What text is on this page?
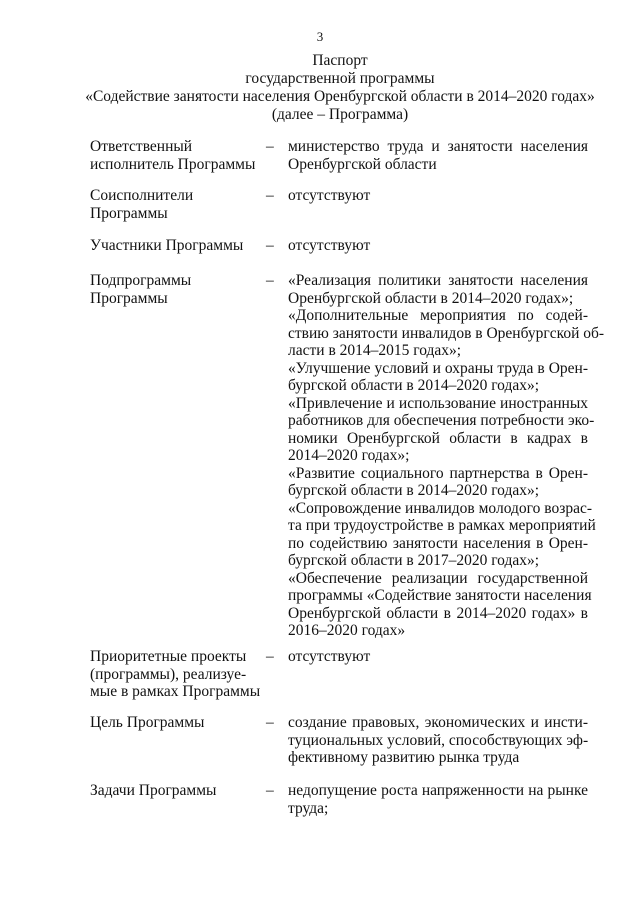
3
Паспорт
государственной программы
«Содействие занятости населения Оренбургской области в 2014–2020 годах»
(далее – Программа)
Ответственный
исполнитель Программы
– министерство труда и занятости населения
Оренбургской области

Соисполнители
Программы
– отсутствуют

Участники Программы	– отсутствуют

Подпрограммы
Программы
– «Реализация политики занятости населения
Оренбургской области в 2014–2020 годах»;

«Дополнительные мероприятия по содей-
ствию занятости инвалидов в Оренбургской об-
ласти в 2014–2015 годах»;

«Улучшение условий и охраны труда в Орен-
бургской области в 2014–2020 годах»;

«Привлечение и использование иностранных
работников для обеспечения потребности эко-
номики Оренбургской области в кадрах в
2014–2020 годах»;

«Развитие социального партнерства в Орен-
бургской области в 2014–2020 годах»;

«Сопровождение инвалидов молодого возрас-
та при трудоустройстве в рамках мероприятий
по содействию занятости населения в Орен-
бургской области в 2017–2020 годах»;

«Обеспечение реализации государственной
программы «Содействие занятости населения
Оренбургской области в 2014–2020 годах» в
2016–2020 годах»

Приоритетные проекты
(программы), реализуе-
мые в рамках Программы
– отсутствуют

Цель Программы	– создание правовых, экономических и инсти-
туциональных условий, способствующих эф-
фективному развитию рынка труда

Задачи Программы	– недопущение роста напряженности на рынке
труда;
